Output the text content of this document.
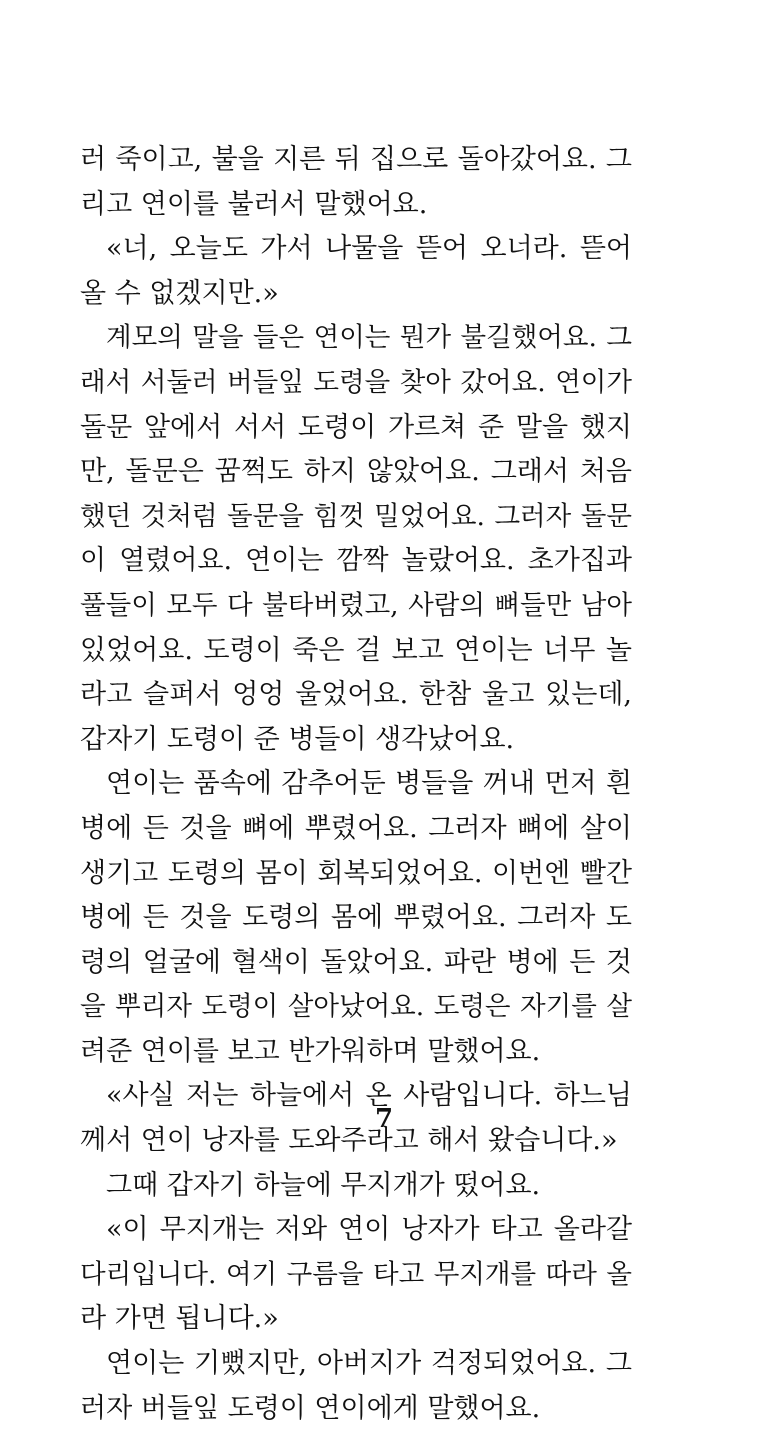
러 죽이고, 불을 지른 뒤 집으로 돌아갔어요. 그
리고 연이를 불러서 말했어요.
«너, 오늘도 가서 나물을 뜯어 오너라. 뜯어
올 수 없겠지만.»
계모의 말을 들은 연이는 뭔가 불길했어요. 그
래서 서둘러 버들잎 도령을 찾아 갔어요. 연이가
돌문 앞에서 서서 도령이 가르쳐 준 말을 했지
만, 돌문은 꿈쩍도 하지 않았어요. 그래서 처음
했던 것처럼 돌문을 힘껏 밀었어요. 그러자 돌문
이 열렸어요. 연이는 깜짝 놀랐어요. 초가집과
풀들이 모두 다 불타버렸고, 사람의 뼈들만 남아
있었어요. 도령이 죽은 걸 보고 연이는 너무 놀
라고 슬퍼서 엉엉 울었어요. 한참 울고 있는데,
갑자기 도령이 준 병들이 생각났어요.
연이는 품속에 감추어둔 병들을 꺼내 먼저 흰
병에 든 것을 뼈에 뿌렸어요. 그러자 뼈에 살이
생기고 도령의 몸이 회복되었어요. 이번엔 빨간
병에 든 것을 도령의 몸에 뿌렸어요. 그러자 도
령의 얼굴에 혈색이 돌았어요. 파란 병에 든 것
을 뿌리자 도령이 살아났어요. 도령은 자기를 살
려준 연이를 보고 반가워하며 말했어요.
«사실 저는 하늘에서 온 사람입니다. 하느님
께서 연이 낭자를 도와주라고 해서 왔습니다.»
그때 갑자기 하늘에 무지개가 떴어요.
«이 무지개는 저와 연이 낭자가 타고 올라갈
다리입니다. 여기 구름을 타고 무지개를 따라 올
라 가면 됩니다.»
연이는 기뻤지만, 아버지가 걱정되었어요. 그
러자 버들잎 도령이 연이에게 말했어요.
7
